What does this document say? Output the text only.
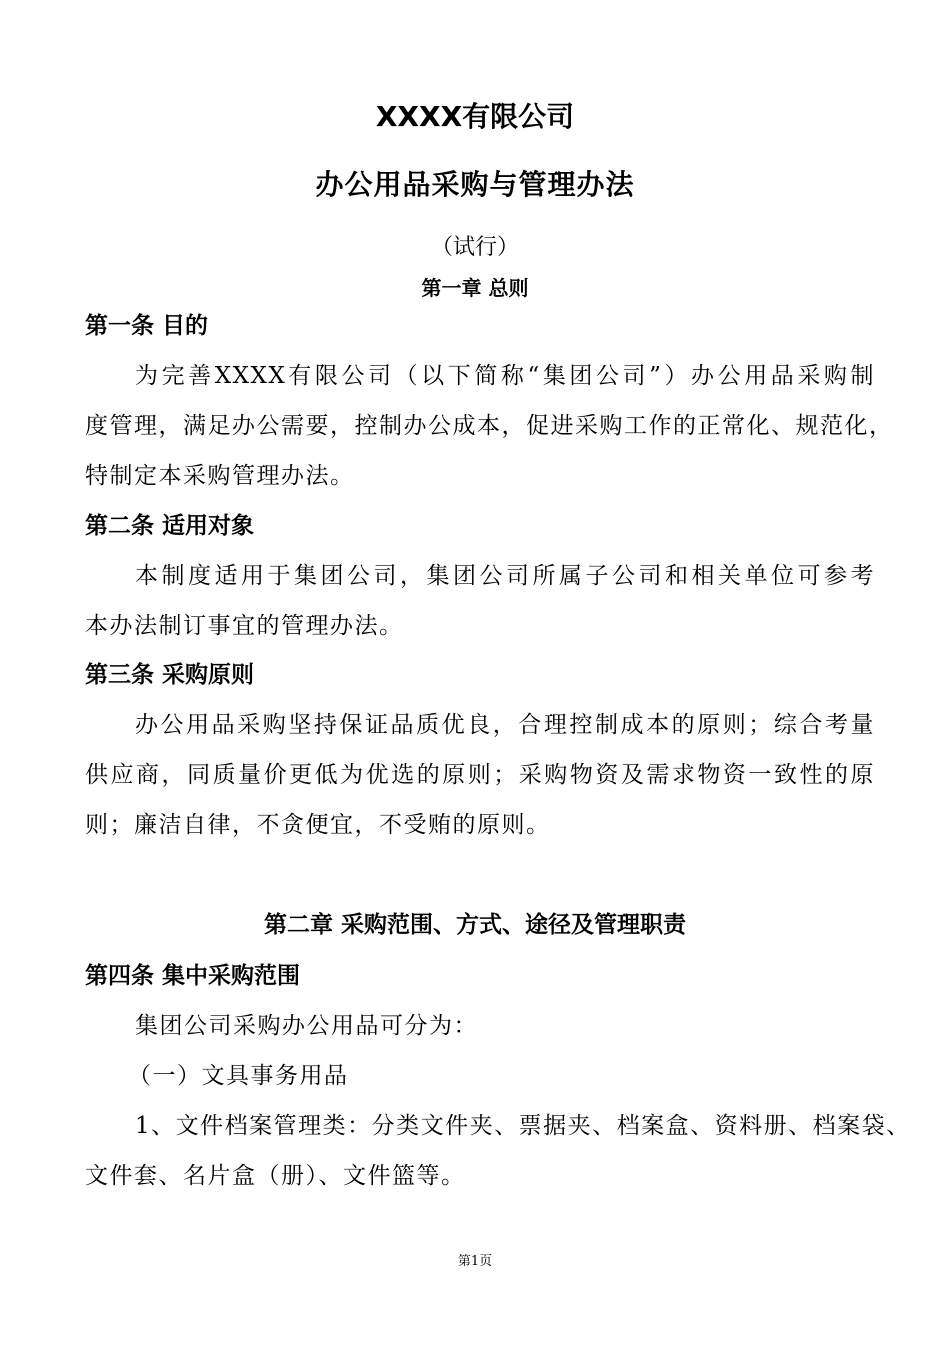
XXXX有限公司
办公用品采购与管理办法
（试行）
第一章 总则
第一条 目的
为完善XXXX有限公司（以下简称“集团公司”）办公用品采购制
度管理，满足办公需要，控制办公成本，促进采购工作的正常化、规范化，
特制定本采购管理办法。
第二条 适用对象
本制度适用于集团公司，集团公司所属子公司和相关单位可参考
本办法制订事宜的管理办法。
第三条 采购原则
办公用品采购坚持保证品质优良，合理控制成本的原则；综合考量
供应商，同质量价更低为优选的原则；采购物资及需求物资一致性的原
则；廉洁自律，不贪便宜，不受贿的原则。
第二章 采购范围、方式、途径及管理职责
第四条 集中采购范围
集团公司采购办公用品可分为：
（一）文具事务用品
1、文件档案管理类：分类文件夹、票据夹、档案盒、资料册、档案袋、
文件套、名片盒（册）、文件篮等。
第1页
